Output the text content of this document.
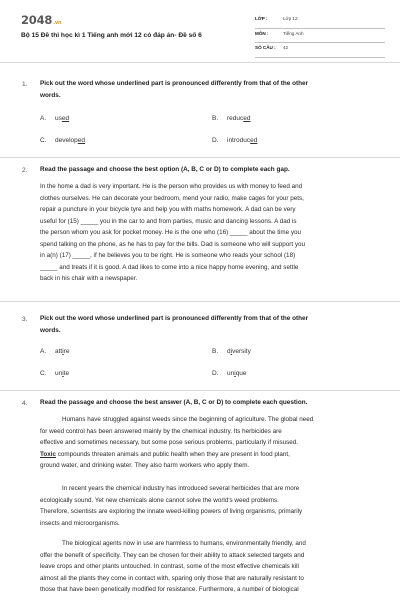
2048.vn
Bộ 15 Đề thi học kì 1 Tiếng anh mới 12 có đáp án- Đề số 6
LỚP :	Lớp 12
MÔN :	Tiếng Anh
SỐ CÂU : 42
1. Pick out the word whose underlined part is pronounced differently from that of the other
words.
A. used	B. reduced
C. developed	D. introduced
2. Read the passage and choose the best option (A, B, C or D) to complete each gap.
In the home a dad is very important. He is the person who provides us with money to feed and
clothes ourselves. He can decorate your bedroom, mend your radio, make cages for your pets,
repair a puncture in your bicycle tyre and help you with maths homework. A dad can be very
useful for (15) _____ you in the car to and from parties, music and dancing lessons. A dad is
the person whom you ask for pocket money. He is the one who (16) _____ about the time you
spend talking on the phone, as he has to pay for the bills. Dad is someone who will support you
in a(n) (17) _____, if he believes you to be right. He is someone who reads your school (18)
_____ and treats if it is good. A dad likes to come into a nice happy home evening, and settle
back in his chair with a newspaper.
3. Pick out the word whose underlined part is pronounced differently from that of the other
words.
A. attire	B. diversity
C. unite	D. unique
4. Read the passage and choose the best answer (A, B, C or D) to complete each question.
Humans have struggled against weeds since the beginning of agriculture. The global need
for weed control has been answered mainly by the chemical industry. Its herbicides are
effective and sometimes necessary, but some pose serious problems, particularly if misused.
Toxic compounds threaten animals and public health when they are present in food plant,
ground water, and drinking water. They also harm workers who apply them.
In recent years the chemical industry has introduced several herbicides that are more
ecologically sound. Yet new chemicals alone cannot solve the world's weed problems.
Therefore, scientists are exploring the innate weed-killing powers of living organisms, primarily
insects and microorganisms.
The biological agents now in use are harmless to humans, environmentally friendly, and
offer the benefit of specificity. They can be chosen for their ability to attack selected targets and
leave crops and other plants untouched. In contrast, some of the most effective chemicals kill
almost all the plants they come in contact with, sparing only those that are naturally resistant to
those that have been genetically modified for resistance. Furthermore, a number of biological
